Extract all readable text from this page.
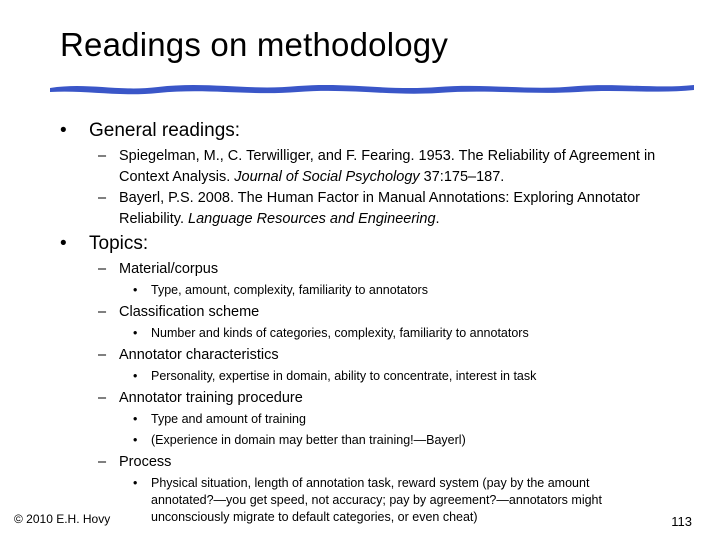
Readings on methodology
• General readings:
– Spiegelman, M., C. Terwilliger, and F. Fearing. 1953. The Reliability of Agreement in Context Analysis. Journal of Social Psychology 37:175–187.
– Bayerl, P.S. 2008. The Human Factor in Manual Annotations: Exploring Annotator Reliability. Language Resources and Engineering.
• Topics:
– Material/corpus
• Type, amount, complexity, familiarity to annotators
– Classification scheme
• Number and kinds of categories, complexity, familiarity to annotators
– Annotator characteristics
• Personality, expertise in domain, ability to concentrate, interest in task
– Annotator training procedure
• Type and amount of training
• (Experience in domain may better than training!—Bayerl)
– Process
• Physical situation, length of annotation task, reward system (pay by the amount annotated?—you get speed, not accuracy; pay by agreement?—annotators might unconsciously migrate to default categories, or even cheat)
© 2010 E.H. Hovy	113
